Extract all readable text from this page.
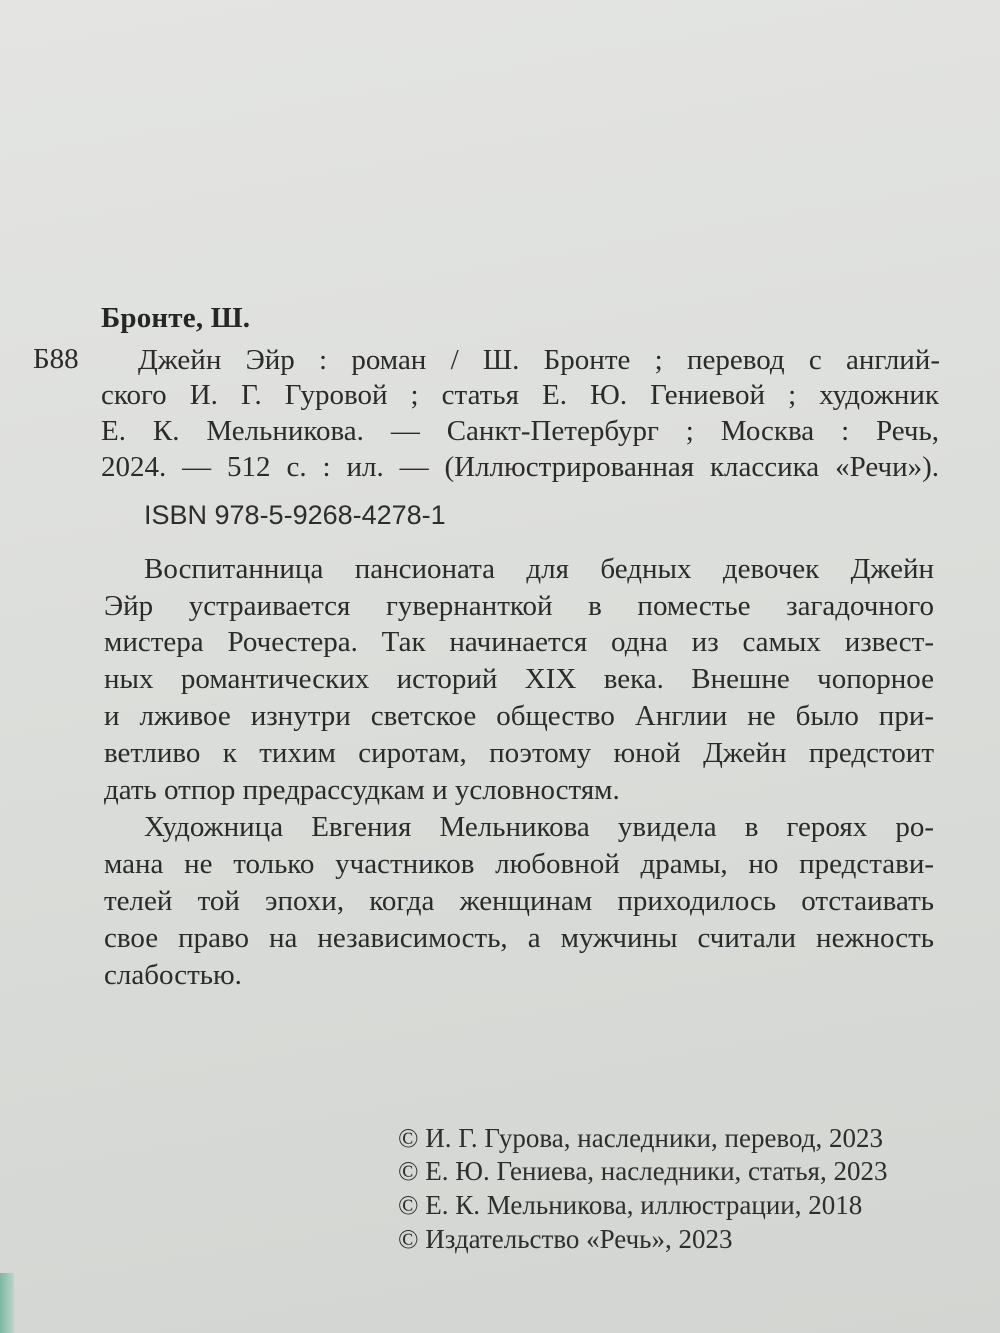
Бронте, Ш.
Б88 Джейн Эйр : роман / Ш. Бронте ; перевод с англий-
ского И. Г. Гуровой ; статья Е. Ю. Гениевой ; художник
Е. К. Мельникова. — Санкт-Петербург ; Москва : Речь,
2024. — 512 с. : ил. — (Иллюстрированная классика «Речи»).
ISBN 978-5-9268-4278-1
Воспитанница пансионата для бедных девочек Джейн
Эйр устраивается гувернанткой в поместье загадочного
мистера Рочестера. Так начинается одна из самых извест-
ных романтических историй XIX века. Внешне чопорное
и лживое изнутри светское общество Англии не было при-
ветливо к тихим сиротам, поэтому юной Джейн предстоит
дать отпор предрассудкам и условностям.
Художница Евгения Мельникова увидела в героях ро-
мана не только участников любовной драмы, но представи-
телей той эпохи, когда женщинам приходилось отстаивать
свое право на независимость, а мужчины считали нежность
слабостью.
© И. Г. Гурова, наследники, перевод, 2023
© Е. Ю. Гениева, наследники, статья, 2023
© Е. К. Мельникова, иллюстрации, 2018
© Издательство «Речь», 2023
